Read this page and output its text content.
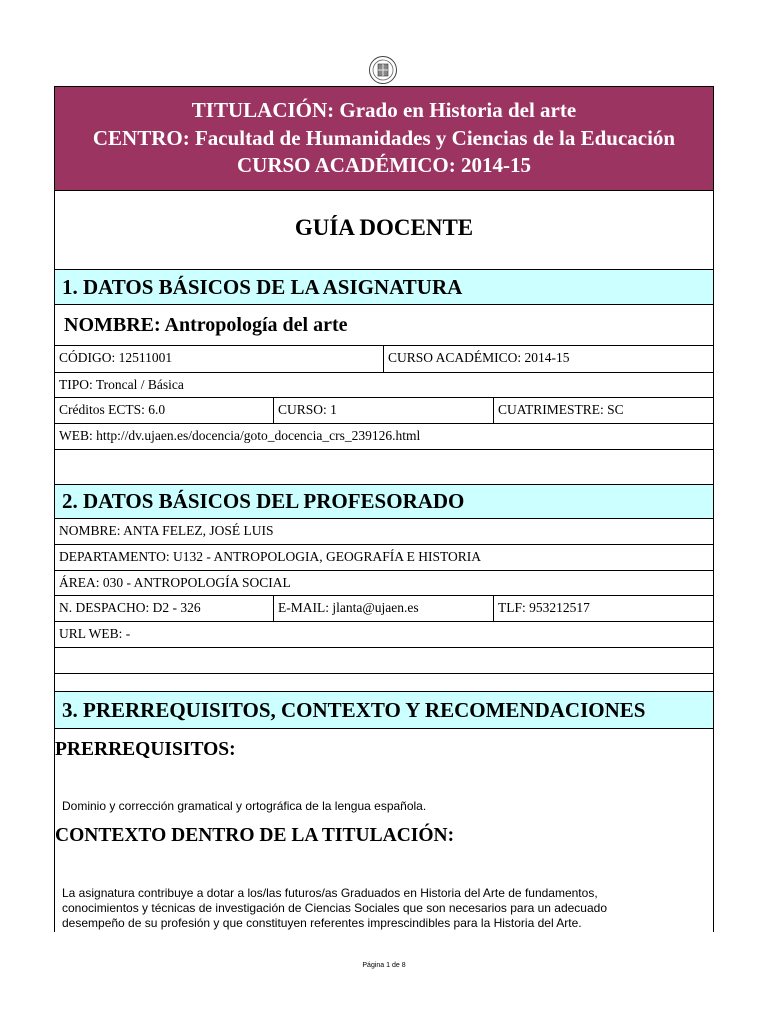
TITULACIÓN: Grado en Historia del arte
CENTRO: Facultad de Humanidades y Ciencias de la Educación
CURSO ACADÉMICO: 2014-15
GUÍA DOCENTE
1. DATOS BÁSICOS DE LA ASIGNATURA
NOMBRE: Antropología del arte
CÓDIGO: 12511001	CURSO ACADÉMICO: 2014-15
TIPO: Troncal / Básica
Créditos ECTS: 6.0	CURSO: 1	CUATRIMESTRE: SC
WEB: http://dv.ujaen.es/docencia/goto_docencia_crs_239126.html
2. DATOS BÁSICOS DEL PROFESORADO
NOMBRE: ANTA FELEZ, JOSÉ LUIS
DEPARTAMENTO: U132 - ANTROPOLOGIA, GEOGRAFÍA E HISTORIA
ÁREA: 030 - ANTROPOLOGÍA SOCIAL
N. DESPACHO: D2 - 326	E-MAIL: jlanta@ujaen.es	TLF: 953212517
URL WEB: -
3. PRERREQUISITOS, CONTEXTO Y RECOMENDACIONES
PRERREQUISITOS:
Dominio y corrección gramatical y ortográfica de la lengua española.
CONTEXTO DENTRO DE LA TITULACIÓN:
La asignatura contribuye a dotar a los/las futuros/as Graduados en Historia del Arte de fundamentos,
conocimientos y técnicas de investigación de Ciencias Sociales que son necesarios para un adecuado
desempeño de su profesión y que constituyen referentes imprescindibles para la Historia del Arte.
Página 1 de 8
